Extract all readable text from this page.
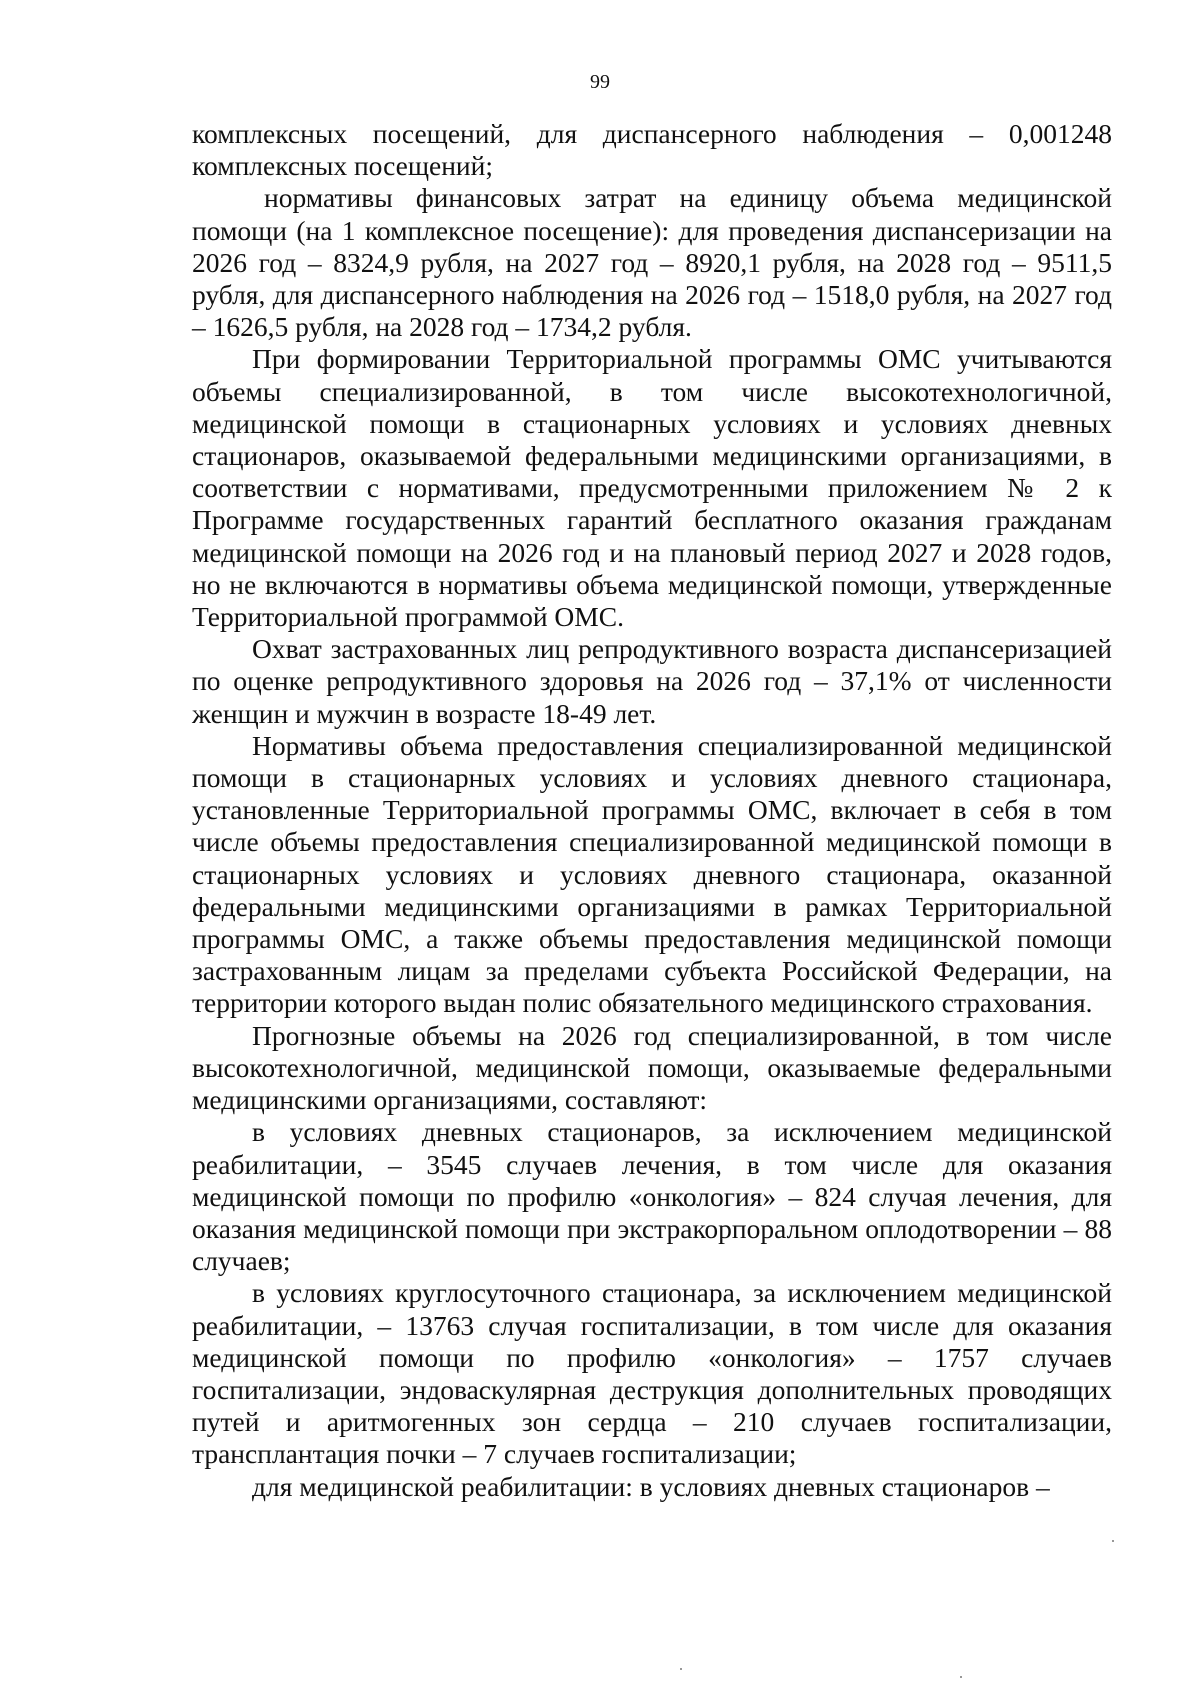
99

комплексных посещений, для диспансерного наблюдения – 0,001248 комплексных посещений;

нормативы финансовых затрат на единицу объема медицинской помощи (на 1 комплексное посещение): для проведения диспансеризации на 2026 год – 8324,9 рубля, на 2027 год – 8920,1 рубля, на 2028 год – 9511,5 рубля, для диспансерного наблюдения на 2026 год – 1518,0 рубля, на 2027 год – 1626,5 рубля, на 2028 год – 1734,2 рубля.

При формировании Территориальной программы ОМС учитываются объемы специализированной, в том числе высокотехнологичной, медицинской помощи в стационарных условиях и условиях дневных стационаров, оказываемой федеральными медицинскими организациями, в соответствии с нормативами, предусмотренными приложением № 2 к Программе государственных гарантий бесплатного оказания гражданам медицинской помощи на 2026 год и на плановый период 2027 и 2028 годов, но не включаются в нормативы объема медицинской помощи, утвержденные Территориальной программой ОМС.

Охват застрахованных лиц репродуктивного возраста диспансеризацией по оценке репродуктивного здоровья на 2026 год – 37,1% от численности женщин и мужчин в возрасте 18-49 лет.

Нормативы объема предоставления специализированной медицинской помощи в стационарных условиях и условиях дневного стационара, установленные Территориальной программы ОМС, включает в себя в том числе объемы предоставления специализированной медицинской помощи в стационарных условиях и условиях дневного стационара, оказанной федеральными медицинскими организациями в рамках Территориальной программы ОМС, а также объемы предоставления медицинской помощи застрахованным лицам за пределами субъекта Российской Федерации, на территории которого выдан полис обязательного медицинского страхования.

Прогнозные объемы на 2026 год специализированной, в том числе высокотехнологичной, медицинской помощи, оказываемые федеральными медицинскими организациями, составляют:

в условиях дневных стационаров, за исключением медицинской реабилитации, – 3545 случаев лечения, в том числе для оказания медицинской помощи по профилю «онкология» – 824 случая лечения, для оказания медицинской помощи при экстракорпоральном оплодотворении – 88 случаев;

в условиях круглосуточного стационара, за исключением медицинской реабилитации, – 13763 случая госпитализации, в том числе для оказания медицинской помощи по профилю «онкология» – 1757 случаев госпитализации, эндоваскулярная деструкция дополнительных проводящих путей и аритмогенных зон сердца – 210 случаев госпитализации, трансплантация почки – 7 случаев госпитализации;

для медицинской реабилитации: в условиях дневных стационаров –
